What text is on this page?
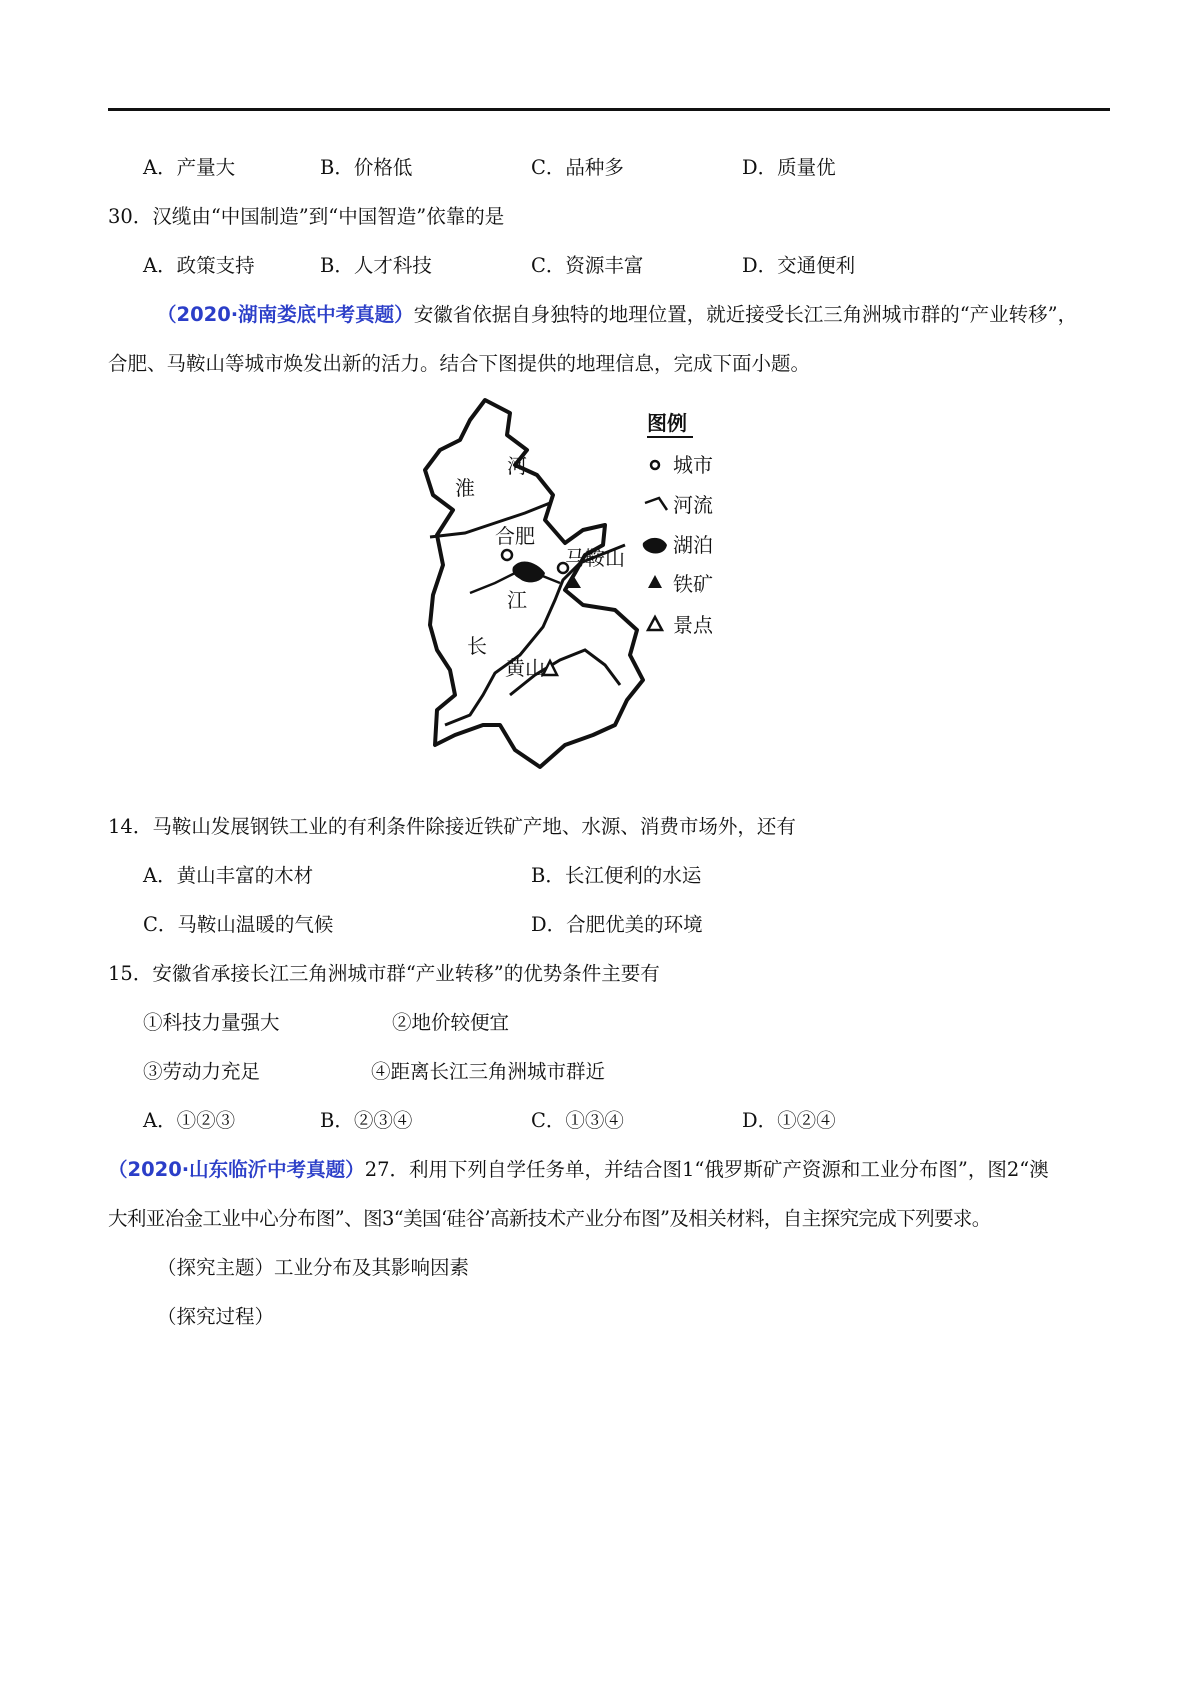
A．产量大	B．价格低	C．品种多	D．质量优
30．汉缆由“中国制造”到“中国智造”依靠的是
A．政策支持	B．人才科技	C．资源丰富	D．交通便利
（2020·湖南娄底中考真题）安徽省依据自身独特的地理位置，就近接受长江三角洲城市群的“产业转移”，
合肥、马鞍山等城市焕发出新的活力。结合下图提供的地理信息，完成下面小题。
河
淮
合肥
马鞍山
江
长
黄山
图例
城市
河流
湖泊
铁矿
景点
14．马鞍山发展钢铁工业的有利条件除接近铁矿产地、水源、消费市场外，还有
A．黄山丰富的木材	B．长江便利的水运
C．马鞍山温暖的气候	D．合肥优美的环境
15．安徽省承接长江三角洲城市群“产业转移”的优势条件主要有
①科技力量强大	②地价较便宜
③劳动力充足	④距离长江三角洲城市群近
A．①②③	B．②③④	C．①③④	D．①②④
（2020·山东临沂中考真题）27．利用下列自学任务单，并结合图1“俄罗斯矿产资源和工业分布图”，图2“澳
大利亚冶金工业中心分布图”、图3“美国‘硅谷’高新技术产业分布图”及相关材料，自主探究完成下列要求。
（探究主题）工业分布及其影响因素
（探究过程）
